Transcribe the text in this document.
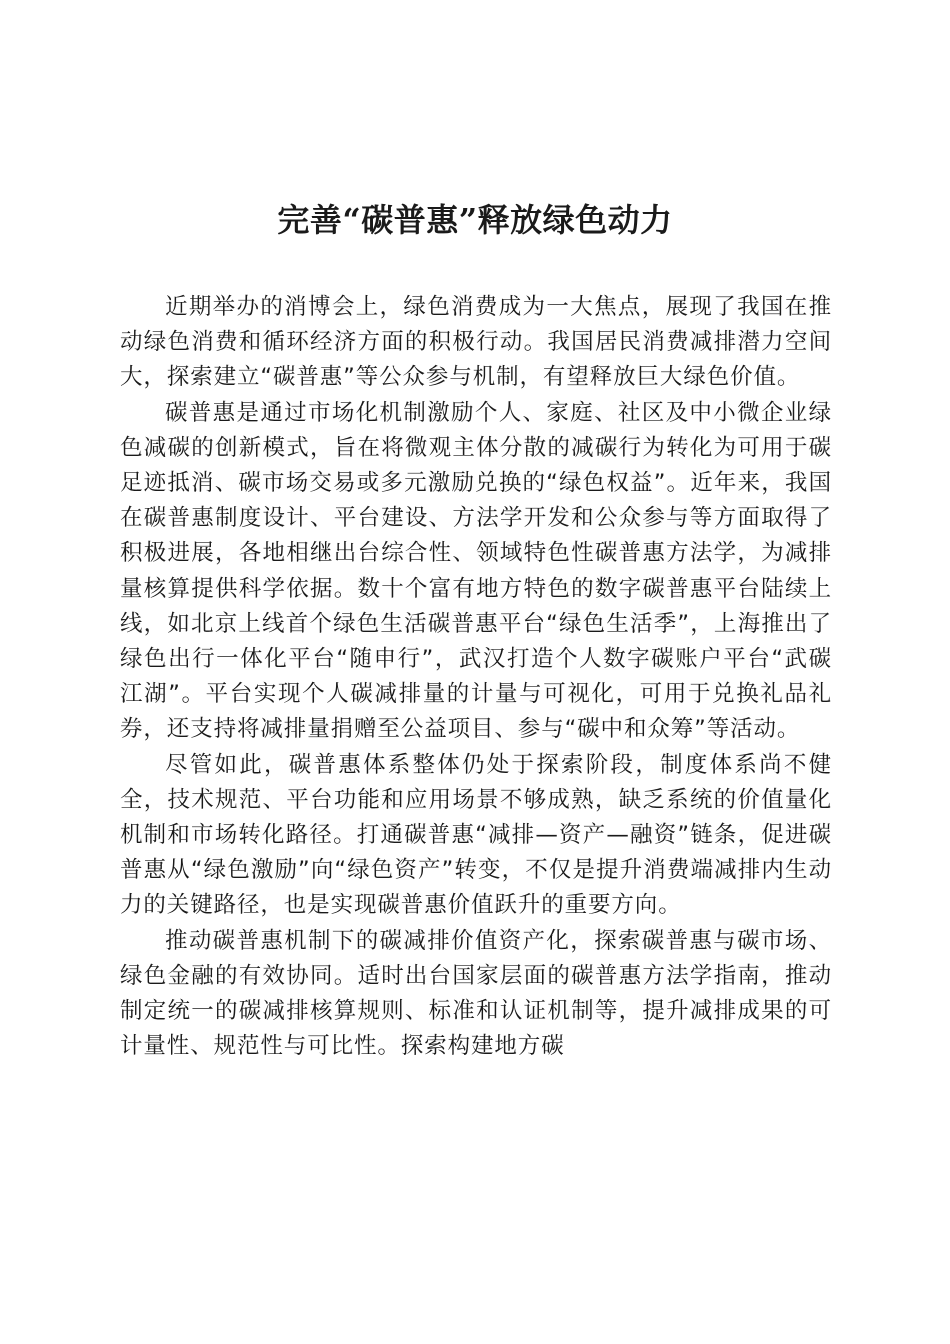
完善“碳普惠”释放绿色动力

近期举办的消博会上，绿色消费成为一大焦点，展现了我国在推动绿色消费和循环经济方面的积极行动。我国居民消费减排潜力空间大，探索建立“碳普惠”等公众参与机制，有望释放巨大绿色价值。

碳普惠是通过市场化机制激励个人、家庭、社区及中小微企业绿色减碳的创新模式，旨在将微观主体分散的减碳行为转化为可用于碳足迹抵消、碳市场交易或多元激励兑换的“绿色权益”。近年来，我国在碳普惠制度设计、平台建设、方法学开发和公众参与等方面取得了积极进展，各地相继出台综合性、领域特色性碳普惠方法学，为减排量核算提供科学依据。数十个富有地方特色的数字碳普惠平台陆续上线，如北京上线首个绿色生活碳普惠平台“绿色生活季”，上海推出了绿色出行一体化平台“随申行”，武汉打造个人数字碳账户平台“武碳江湖”。平台实现个人碳减排量的计量与可视化，可用于兑换礼品礼券，还支持将减排量捐赠至公益项目、参与“碳中和众筹”等活动。

尽管如此，碳普惠体系整体仍处于探索阶段，制度体系尚不健全，技术规范、平台功能和应用场景不够成熟，缺乏系统的价值量化机制和市场转化路径。打通碳普惠“减排—资产—融资”链条，促进碳普惠从“绿色激励”向“绿色资产”转变，不仅是提升消费端减排内生动力的关键路径，也是实现碳普惠价值跃升的重要方向。

推动碳普惠机制下的碳减排价值资产化，探索碳普惠与碳市场、绿色金融的有效协同。适时出台国家层面的碳普惠方法学指南，推动制定统一的碳减排核算规则、标准和认证机制等，提升减排成果的可计量性、规范性与可比性。探索构建地方碳
